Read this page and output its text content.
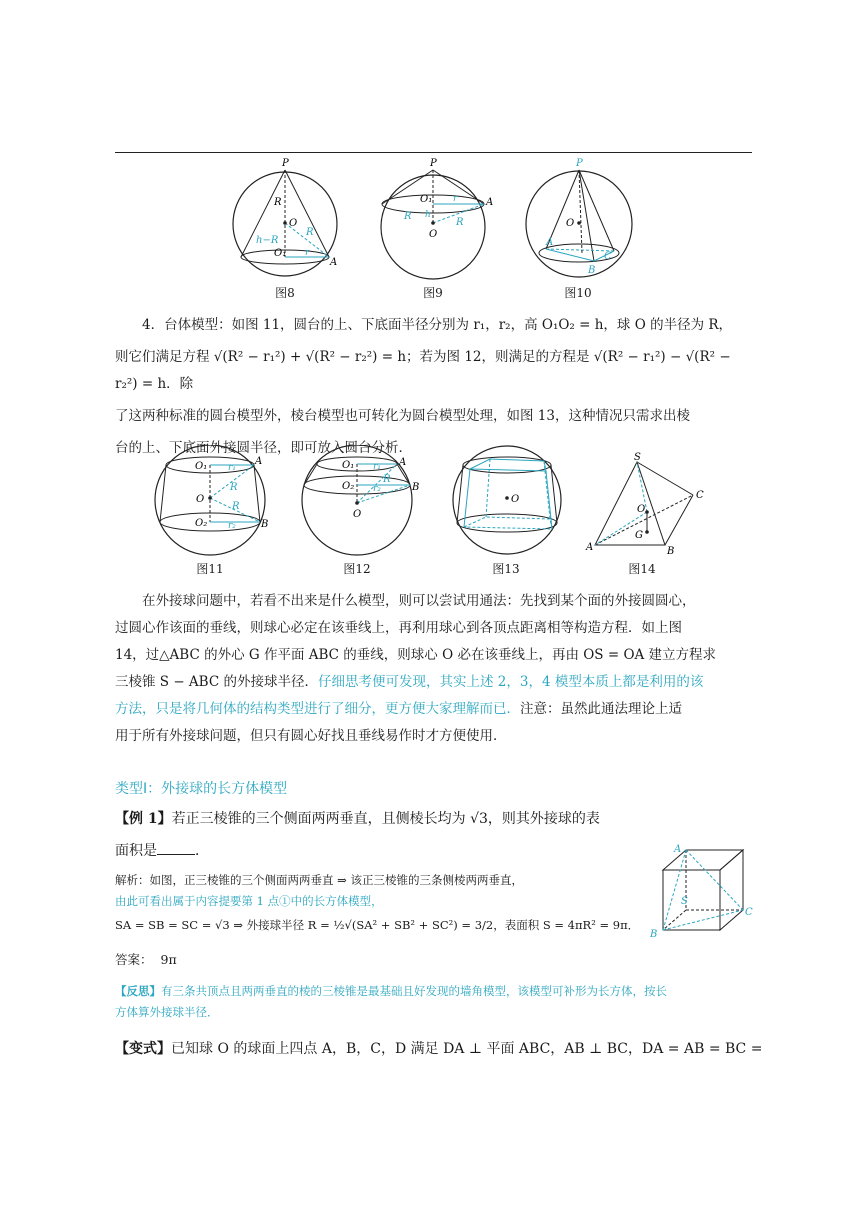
P
R
O
h−R
R
O₁ r
A
图8
P
O₁ r	A
R h
R
O
图9
P
O
A
C
B
图10

4．台体模型：如图 11，圆台的上、下底面半径分别为 r₁，r₂，高 O₁O₂ = h，球 O 的半径为 R，

则它们满足方程 √(R² − r₁²) + √(R² − r₂²) = h；若为图 12，则满足的方程是 √(R² − r₁²) − √(R² − r₂²) = h．除

了这两种标准的圆台模型外，棱台模型也可转化为圆台模型处理，如图 13，这种情况只需求出棱

台的上、下底面外接圆半径，即可放入圆台分析．

O₁ r₁
A
R
O
R
O₂ r₂	B
图11
O₁ r₁ A
O₂ r₂	B
R
O
图12
O
图13
S
C
O
G
A	B
图14

在外接球问题中，若看不出来是什么模型，则可以尝试用通法：先找到某个面的外接圆圆心，

过圆心作该面的垂线，则球心必定在该垂线上，再利用球心到各顶点距离相等构造方程．如上图

14，过△ABC 的外心 G 作平面 ABC 的垂线，则球心 O 必在该垂线上，再由 OS = OA 建立方程求

三棱锥 S − ABC 的外接球半径．仔细思考便可发现，其实上述 2，3，4 模型本质上都是利用的该

方法，只是将几何体的结构类型进行了细分，更方便大家理解而已．注意：虽然此通法理论上适

用于所有外接球问题，但只有圆心好找且垂线易作时才方便使用．

类型Ⅰ：外接球的长方体模型
【例 1】若正三棱锥的三个侧面两两垂直，且侧棱长均为 √3，则其外接球的表
面积是	．
解析：如图，正三棱锥的三个侧面两两垂直 ⇒ 该正三棱锥的三条侧棱两两垂直，
由此可看出属于内容提要第 1 点①中的长方体模型，
SA = SB = SC = √3 ⇒ 外接球半径 R = ½√(SA² + SB² + SC²) = 3/2，表面积 S = 4πR² = 9π．
答案： 9π
A
S
C
B
【反思】有三条共顶点且两两垂直的棱的三棱锥是最基础且好发现的墙角模型，该模型可补形为长方体，按长
方体算外接球半径．
【变式】已知球 O 的球面上四点 A，B，C，D 满足 DA ⊥ 平面 ABC，AB ⊥ BC，DA = AB = BC =
